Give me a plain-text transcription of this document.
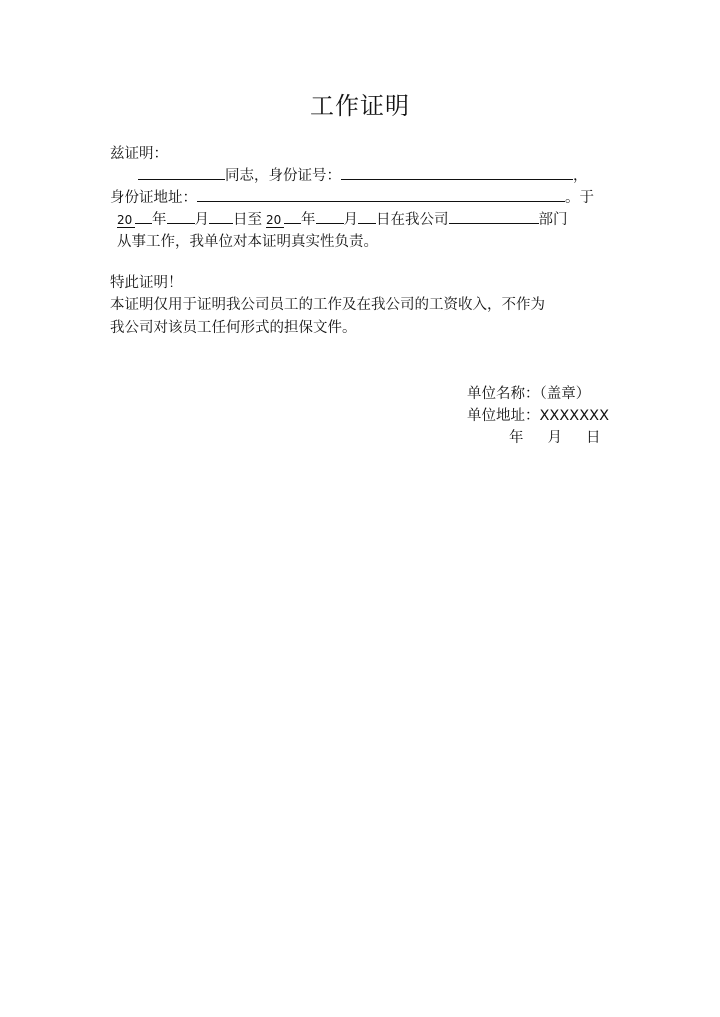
工作证明
兹证明：
同志，身份证号：	，
身份证地址：	。于
20 年 月 日至 20 年 月 日在我公司	部门
从事工作，我单位对本证明真实性负责。
特此证明！
本证明仅用于证明我公司员工的工作及在我公司的工资收入，不作为
我公司对该员工任何形式的担保文件。
单位名称：（盖章）
单位地址：XXXXXXX
年 月 日
